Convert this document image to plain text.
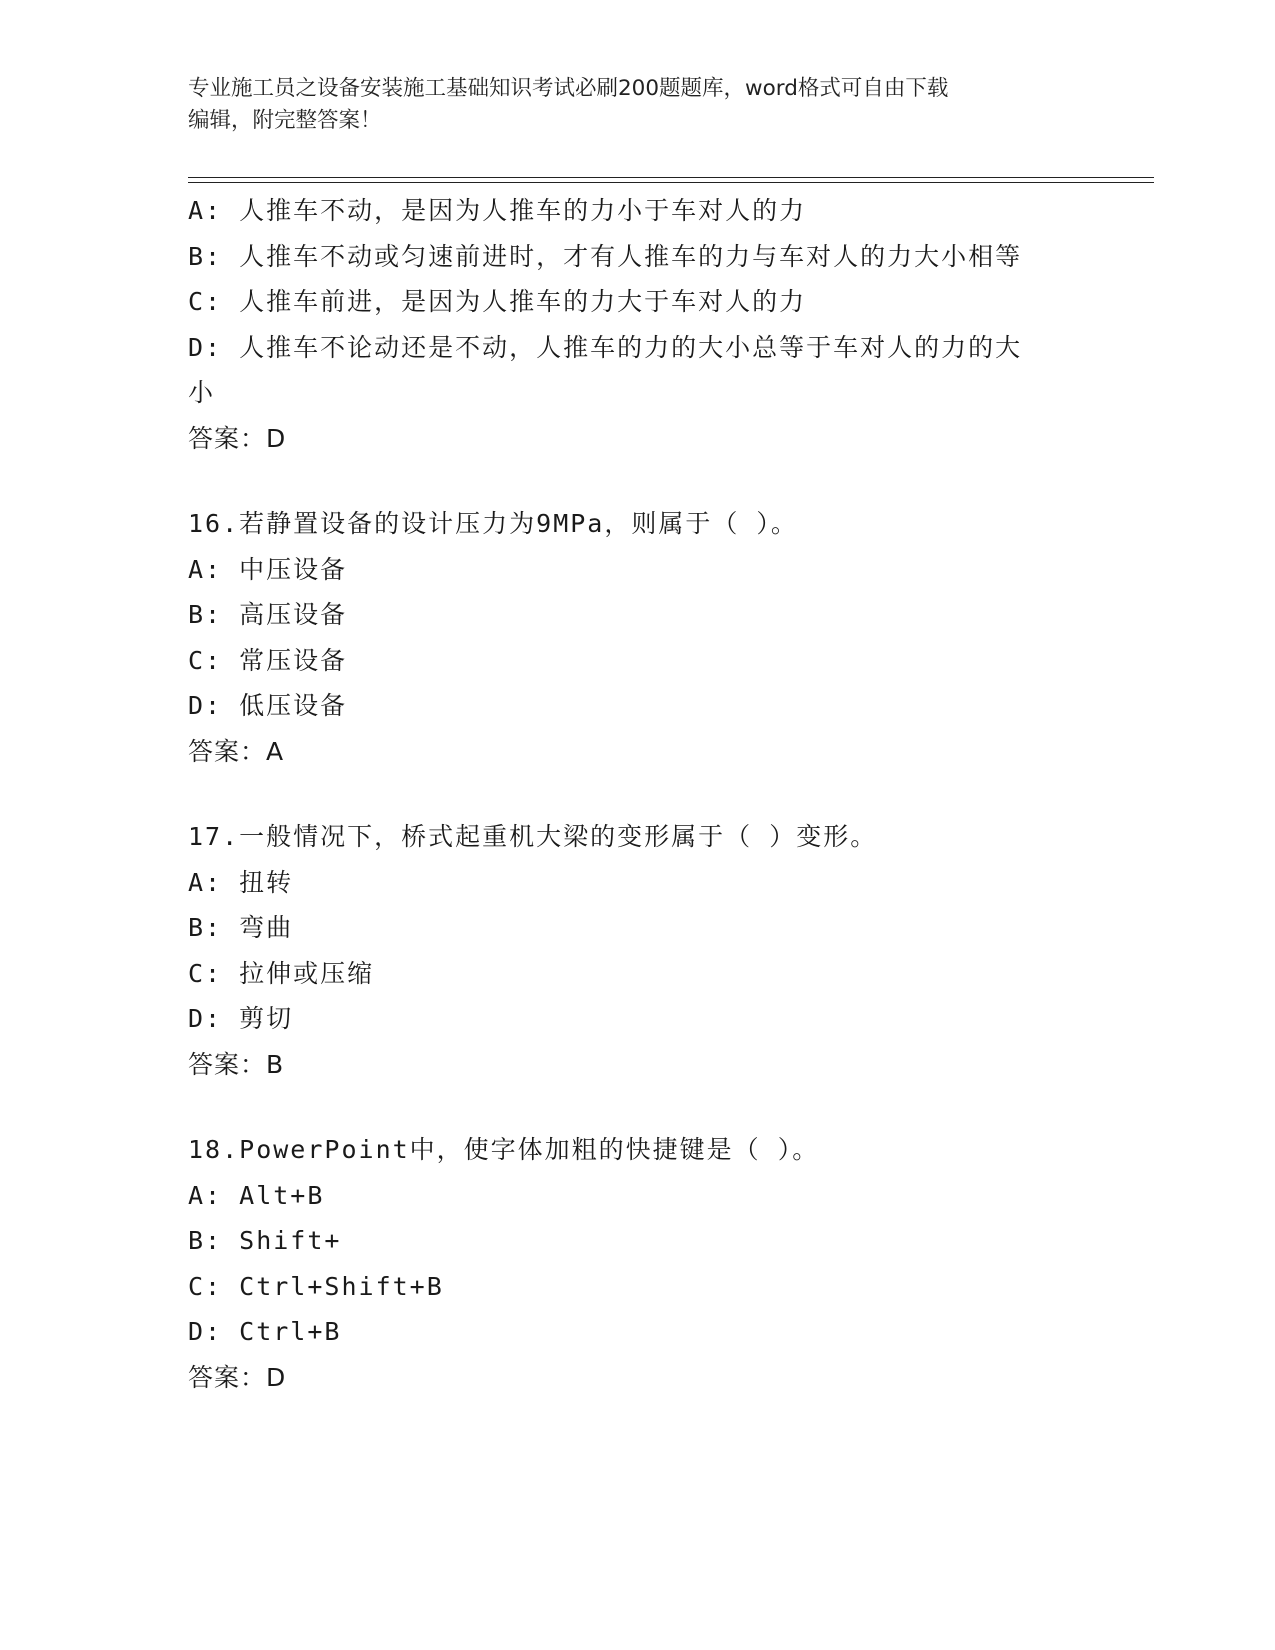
专业施工员之设备安装施工基础知识考试必刷200题题库，word格式可自由下载
编辑，附完整答案！
A: 人推车不动，是因为人推车的力小于车对人的力
B: 人推车不动或匀速前进时，才有人推车的力与车对人的力大小相等
C: 人推车前进，是因为人推车的力大于车对人的力
D: 人推车不论动还是不动，人推车的力的大小总等于车对人的力的大
小
答案：D
16.若静置设备的设计压力为9MPa，则属于（ ）。
A: 中压设备
B: 高压设备
C: 常压设备
D: 低压设备
答案：A
17.一般情况下，桥式起重机大梁的变形属于（ ）变形。
A: 扭转
B: 弯曲
C: 拉伸或压缩
D: 剪切
答案：B
18.PowerPoint中，使字体加粗的快捷键是（ ）。
A: Alt+B
B: Shift+
C: Ctrl+Shift+B
D: Ctrl+B
答案：D
